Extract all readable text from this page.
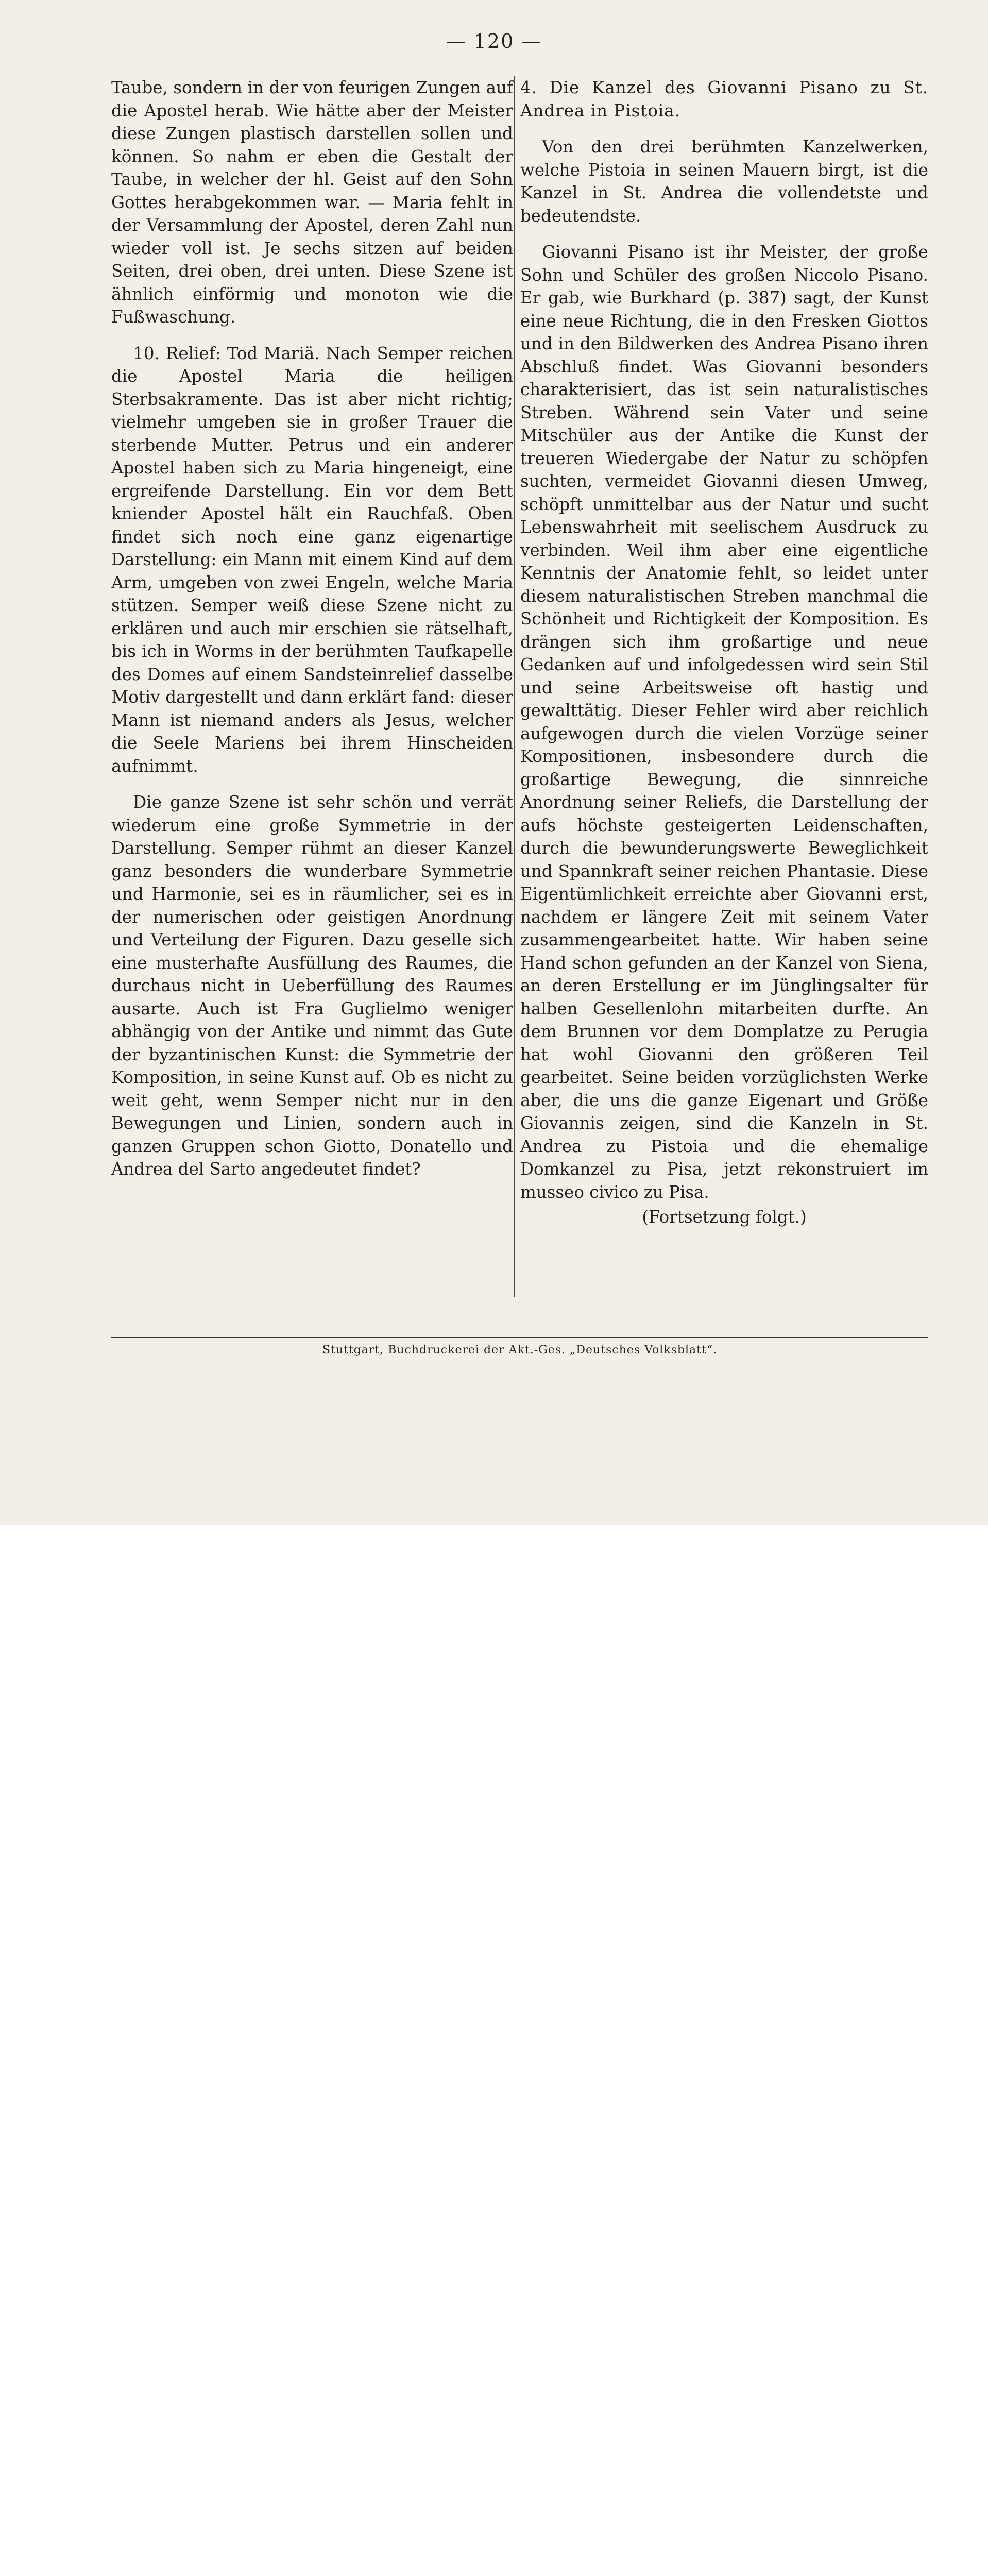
— 120 —

Taube, sondern in der von feurigen Zungen auf die Apostel herab. Wie hätte aber der Meister diese Zungen plastisch darstellen sollen und können. So nahm er eben die Gestalt der Taube, in welcher der hl. Geist auf den Sohn Gottes herabgekommen war. — Maria fehlt in der Versammlung der Apostel, deren Zahl nun wieder voll ist. Je sechs sitzen auf beiden Seiten, drei oben, drei unten. Diese Szene ist ähnlich einförmig und monoton wie die Fußwaschung.

10. Relief: Tod Mariä. Nach Semper reichen die Apostel Maria die heiligen Sterbsakramente. Das ist aber nicht richtig; vielmehr umgeben sie in großer Trauer die sterbende Mutter. Petrus und ein anderer Apostel haben sich zu Maria hingeneigt, eine ergreifende Darstellung. Ein vor dem Bett kniender Apostel hält ein Rauchfaß. Oben findet sich noch eine ganz eigenartige Darstellung: ein Mann mit einem Kind auf dem Arm, umgeben von zwei Engeln, welche Maria stützen. Semper weiß diese Szene nicht zu erklären und auch mir erschien sie rätselhaft, bis ich in Worms in der berühmten Taufkapelle des Domes auf einem Sandsteinrelief dasselbe Motiv dargestellt und dann erklärt fand: dieser Mann ist niemand anders als Jesus, welcher die Seele Mariens bei ihrem Hinscheiden aufnimmt.

Die ganze Szene ist sehr schön und verrät wiederum eine große Symmetrie in der Darstellung. Semper rühmt an dieser Kanzel ganz besonders die wunderbare Symmetrie und Harmonie, sei es in räumlicher, sei es in der numerischen oder geistigen Anordnung und Verteilung der Figuren. Dazu geselle sich eine musterhafte Ausfüllung des Raumes, die durchaus nicht in Ueberfüllung des Raumes ausarte. Auch ist Fra Guglielmo weniger abhängig von der Antike und nimmt das Gute der byzantinischen Kunst: die Symmetrie der Komposition, in seine Kunst auf. Ob es nicht zu weit geht, wenn Semper nicht nur in den Bewegungen und Linien, sondern auch in ganzen Gruppen schon Giotto, Donatello und Andrea del Sarto angedeutet findet?

4. Die Kanzel des Giovanni Pisano zu St. Andrea in Pistoia.

Von den drei berühmten Kanzelwerken, welche Pistoia in seinen Mauern birgt, ist die Kanzel in St. Andrea die vollendetste und bedeutendste.

Giovanni Pisano ist ihr Meister, der große Sohn und Schüler des großen Niccolo Pisano. Er gab, wie Burkhard (p. 387) sagt, der Kunst eine neue Richtung, die in den Fresken Giottos und in den Bildwerken des Andrea Pisano ihren Abschluß findet. Was Giovanni besonders charakterisiert, das ist sein naturalistisches Streben. Während sein Vater und seine Mitschüler aus der Antike die Kunst der treueren Wiedergabe der Natur zu schöpfen suchten, vermeidet Giovanni diesen Umweg, schöpft unmittelbar aus der Natur und sucht Lebenswahrheit mit seelischem Ausdruck zu verbinden. Weil ihm aber eine eigentliche Kenntnis der Anatomie fehlt, so leidet unter diesem naturalistischen Streben manchmal die Schönheit und Richtigkeit der Komposition. Es drängen sich ihm großartige und neue Gedanken auf und infolgedessen wird sein Stil und seine Arbeitsweise oft hastig und gewalttätig. Dieser Fehler wird aber reichlich aufgewogen durch die vielen Vorzüge seiner Kompositionen, insbesondere durch die großartige Bewegung, die sinnreiche Anordnung seiner Reliefs, die Darstellung der aufs höchste gesteigerten Leidenschaften, durch die bewunderungswerte Beweglichkeit und Spannkraft seiner reichen Phantasie. Diese Eigentümlichkeit erreichte aber Giovanni erst, nachdem er längere Zeit mit seinem Vater zusammengearbeitet hatte. Wir haben seine Hand schon gefunden an der Kanzel von Siena, an deren Erstellung er im Jünglingsalter für halben Gesellenlohn mitarbeiten durfte. An dem Brunnen vor dem Domplatze zu Perugia hat wohl Giovanni den größeren Teil gearbeitet. Seine beiden vorzüglichsten Werke aber, die uns die ganze Eigenart und Größe Giovannis zeigen, sind die Kanzeln in St. Andrea zu Pistoia und die ehemalige Domkanzel zu Pisa, jetzt rekonstruiert im musseo civico zu Pisa.

(Fortsetzung folgt.)

Stuttgart, Buchdruckerei der Akt.-Ges. „Deutsches Volksblatt“.
